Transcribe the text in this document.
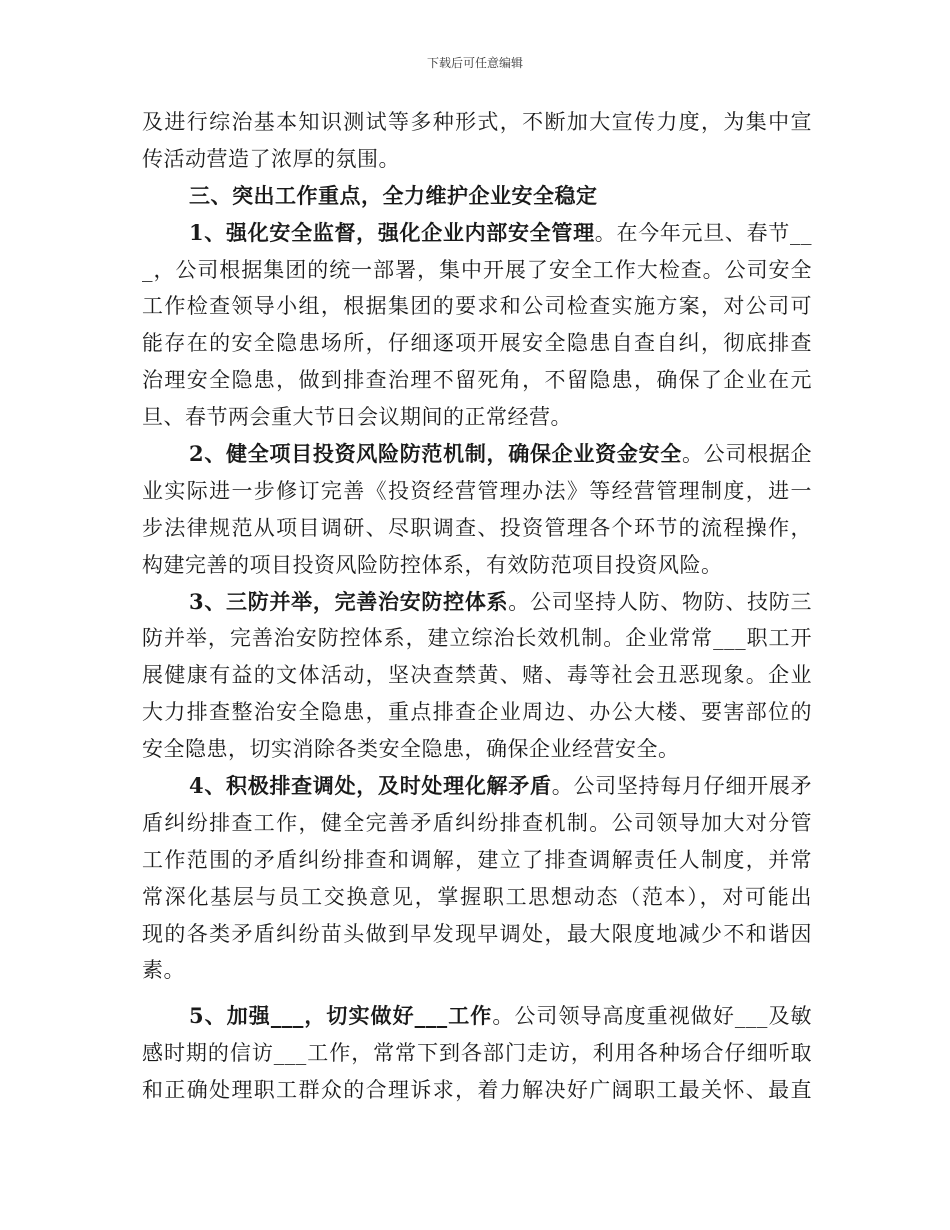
下载后可任意编辑
及进行综治基本知识测试等多种形式，不断加大宣传力度，为集中宣
传活动营造了浓厚的氛围。
三、突出工作重点，全力维护企业安全稳定
1、强化安全监督，强化企业内部安全管理。在今年元旦、春节__
_，公司根据集团的统一部署，集中开展了安全工作大检查。公司安全
工作检查领导小组，根据集团的要求和公司检查实施方案，对公司可
能存在的安全隐患场所，仔细逐项开展安全隐患自查自纠，彻底排查
治理安全隐患，做到排查治理不留死角，不留隐患，确保了企业在元
旦、春节两会重大节日会议期间的正常经营。
2、健全项目投资风险防范机制，确保企业资金安全。公司根据企
业实际进一步修订完善《投资经营管理办法》等经营管理制度，进一
步法律规范从项目调研、尽职调查、投资管理各个环节的流程操作，
构建完善的项目投资风险防控体系，有效防范项目投资风险。
3、三防并举，完善治安防控体系。公司坚持人防、物防、技防三
防并举，完善治安防控体系，建立综治长效机制。企业常常___职工开
展健康有益的文体活动，坚决查禁黄、赌、毒等社会丑恶现象。企业
大力排查整治安全隐患，重点排查企业周边、办公大楼、要害部位的
安全隐患，切实消除各类安全隐患，确保企业经营安全。
4、积极排查调处，及时处理化解矛盾。公司坚持每月仔细开展矛
盾纠纷排查工作，健全完善矛盾纠纷排查机制。公司领导加大对分管
工作范围的矛盾纠纷排查和调解，建立了排查调解责任人制度，并常
常深化基层与员工交换意见，掌握职工思想动态（范本），对可能出
现的各类矛盾纠纷苗头做到早发现早调处，最大限度地减少不和谐因
素。
5、加强___，切实做好___工作。公司领导高度重视做好___及敏
感时期的信访___工作，常常下到各部门走访，利用各种场合仔细听取
和正确处理职工群众的合理诉求，着力解决好广阔职工最关怀、最直
